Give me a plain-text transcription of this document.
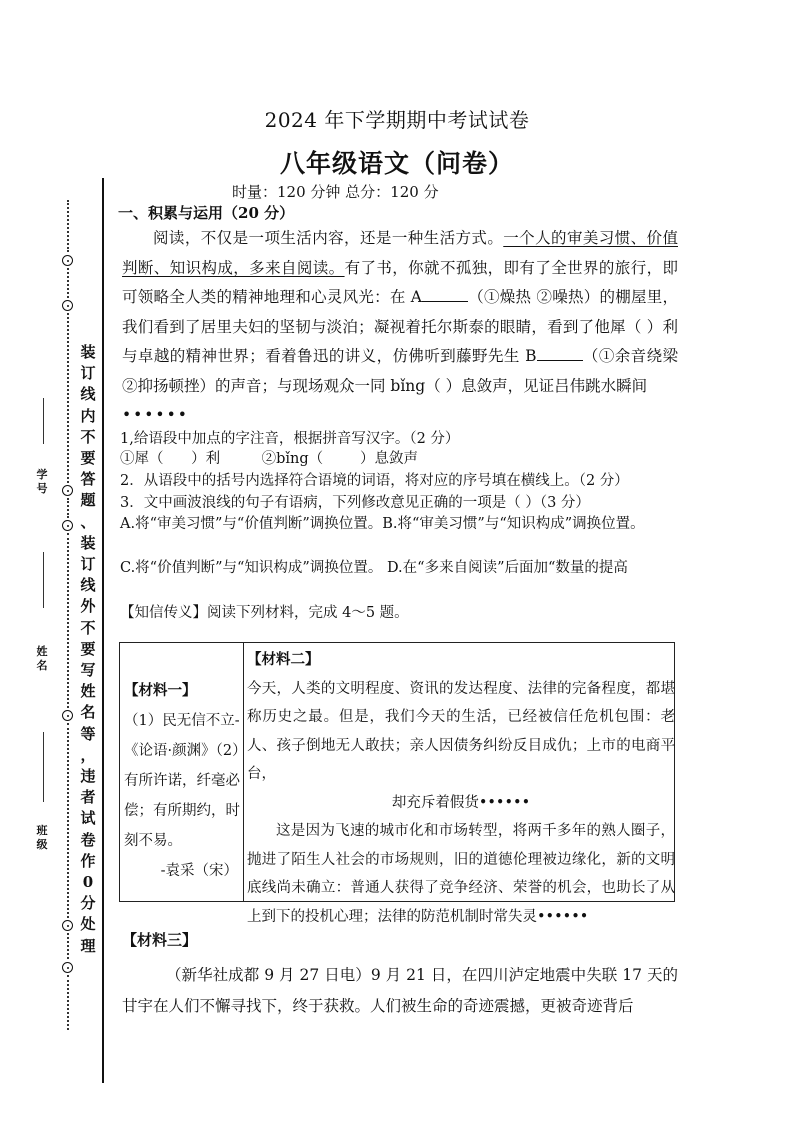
2024 年下学期期中考试试卷
八年级语文（问卷）
时量：120 分钟 总分：120 分
装
订
线
内
不
要
答
题
、
装
订
线
外
不
要
写
姓
名
等
，
违
者
试
卷
作
0
分
处
理
学号
姓名
班级
一、积累与运用（20 分）
阅读，不仅是一项生活内容，还是一种生活方式。一个人的审美习惯、价值判断、知识构成，多来自阅读。有了书，你就不孤独，即有了全世界的旅行，即可领略全人类的精神地理和心灵风光：在 A	（①燥热 ②噪热）的棚屋里，我们看到了居里夫妇的坚韧与淡泊；凝视着托尔斯泰的眼睛，看到了他犀（ ）利与卓越的精神世界；看着鲁迅的讲义，仿佛听到藤野先生 B	（①余音绕梁 ②抑扬顿挫）的声音；与现场观众一同 bǐng（ ）息敛声，见证吕伟跳水瞬间
••••••
1,给语段中加点的字注音，根据拼音写汉字。（2 分）
①犀（      ）利         ②bǐng（        ）息敛声
2．从语段中的括号内选择符合语境的词语，将对应的序号填在横线上。（2 分）
3．文中画波浪线的句子有语病，下列修改意见正确的一项是（ ）（3 分）
A.将“审美习惯”与“价值判断”调换位置。B.将“审美习惯”与“知识构成”调换位置。
C.将“价值判断”与“知识构成”调换位置。 D.在“多来自阅读”后面加“数量的提高
【知信传义】阅读下列材料，完成 4～5 题。
【材料一】
（1）民无信不立-《论语·颜渊》（2）有所许诺，纤毫必偿；有所期约，时刻不易。
-袁采（宋）

【材料二】

今天，人类的文明程度、资讯的发达程度、法律的完备程度，都堪称历史之最。但是，我们今天的生活，已经被信任危机包围：老人、孩子倒地无人敢扶；亲人因债务纠纷反目成仇；上市的电商平台，

却充斥着假货••••••

这是因为飞速的城市化和市场转型，将两千多年的熟人圈子，抛进了陌生人社会的市场规则，旧的道德伦理被边缘化，新的文明底线尚未确立：普通人获得了竞争经济、荣誉的机会，也助长了从上到下的投机心理；法律的防范机制时常失灵••••••

【材料三】
（新华社成都 9 月 27 日电）9 月 21 日，在四川泸定地震中失联 17 天的甘宇在人们不懈寻找下，终于获救。人们被生命的奇迹震撼，更被奇迹背后
